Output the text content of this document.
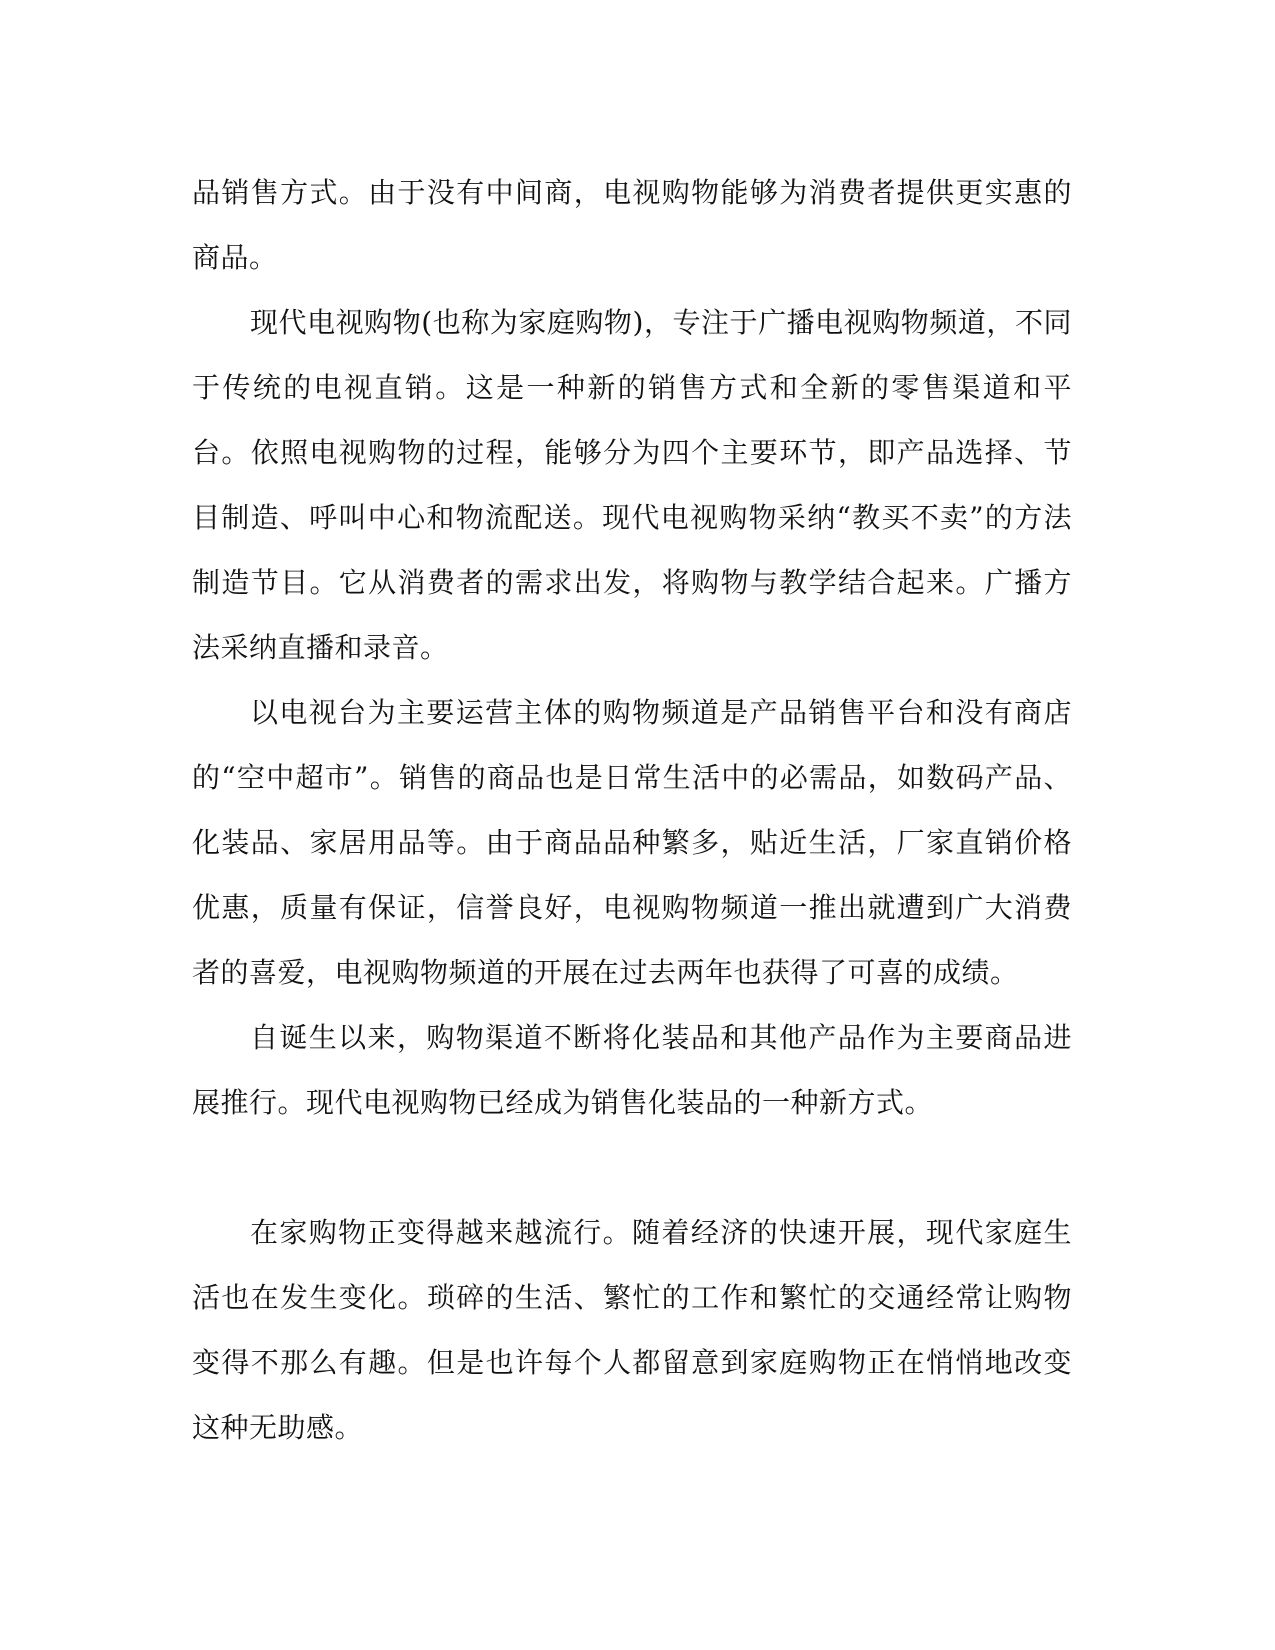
品销售方式。由于没有中间商，电视购物能够为消费者提供更实惠的商品。

现代电视购物(也称为家庭购物)，专注于广播电视购物频道，不同于传统的电视直销。这是一种新的销售方式和全新的零售渠道和平台。依照电视购物的过程，能够分为四个主要环节，即产品选择、节目制造、呼叫中心和物流配送。现代电视购物采纳“教买不卖”的方法制造节目。它从消费者的需求出发，将购物与教学结合起来。广播方法采纳直播和录音。

以电视台为主要运营主体的购物频道是产品销售平台和没有商店的“空中超市”。销售的商品也是日常生活中的必需品，如数码产品、化装品、家居用品等。由于商品品种繁多，贴近生活，厂家直销价格优惠，质量有保证，信誉良好，电视购物频道一推出就遭到广大消费者的喜爱，电视购物频道的开展在过去两年也获得了可喜的成绩。

自诞生以来，购物渠道不断将化装品和其他产品作为主要商品进展推行。现代电视购物已经成为销售化装品的一种新方式。

在家购物正变得越来越流行。随着经济的快速开展，现代家庭生活也在发生变化。琐碎的生活、繁忙的工作和繁忙的交通经常让购物变得不那么有趣。但是也许每个人都留意到家庭购物正在悄悄地改变这种无助感。
